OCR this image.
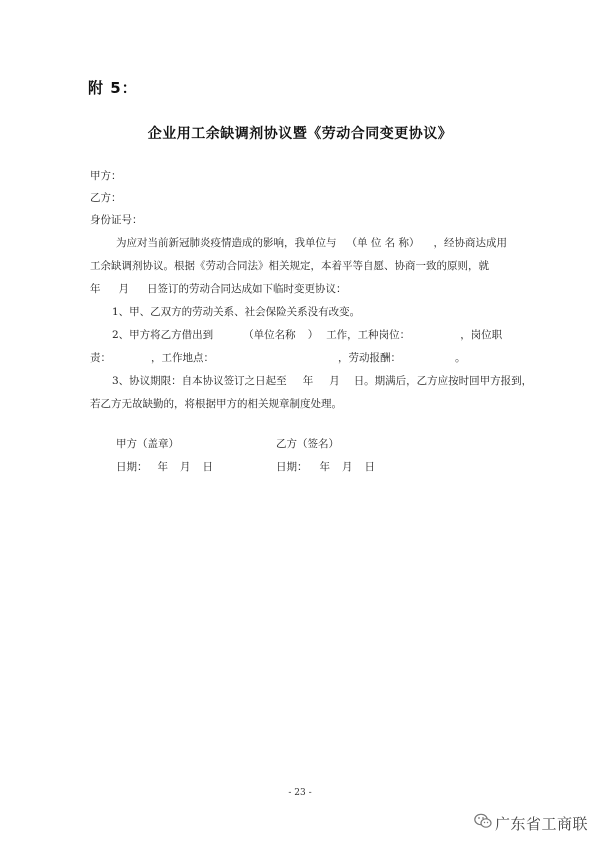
附 5：
企业用工余缺调剂协议暨《劳动合同变更协议》
甲方：
乙方：
身份证号：
为应对当前新冠肺炎疫情造成的影响，我单位与 （单 位 名 称） ，经协商达成用
工余缺调剂协议。根据《劳动合同法》相关规定，本着平等自愿、协商一致的原则，就
年 月 日签订的劳动合同达成如下临时变更协议：
1、甲、乙双方的劳动关系、社会保险关系没有改变。
2、甲方将乙方借出到	（单位名称 ） 工作，工种岗位：	，岗位职
责：	，工作地点：	，劳动报酬：	。
3、协议期限：自本协议签订之日起至 年 月 日。期满后，乙方应按时回甲方报到，
若乙方无故缺勤的，将根据甲方的相关规章制度处理。
甲方（盖章）	乙方（签名）
日期： 年 月 日	日期： 年 月 日
- 23 -
广东省工商联
